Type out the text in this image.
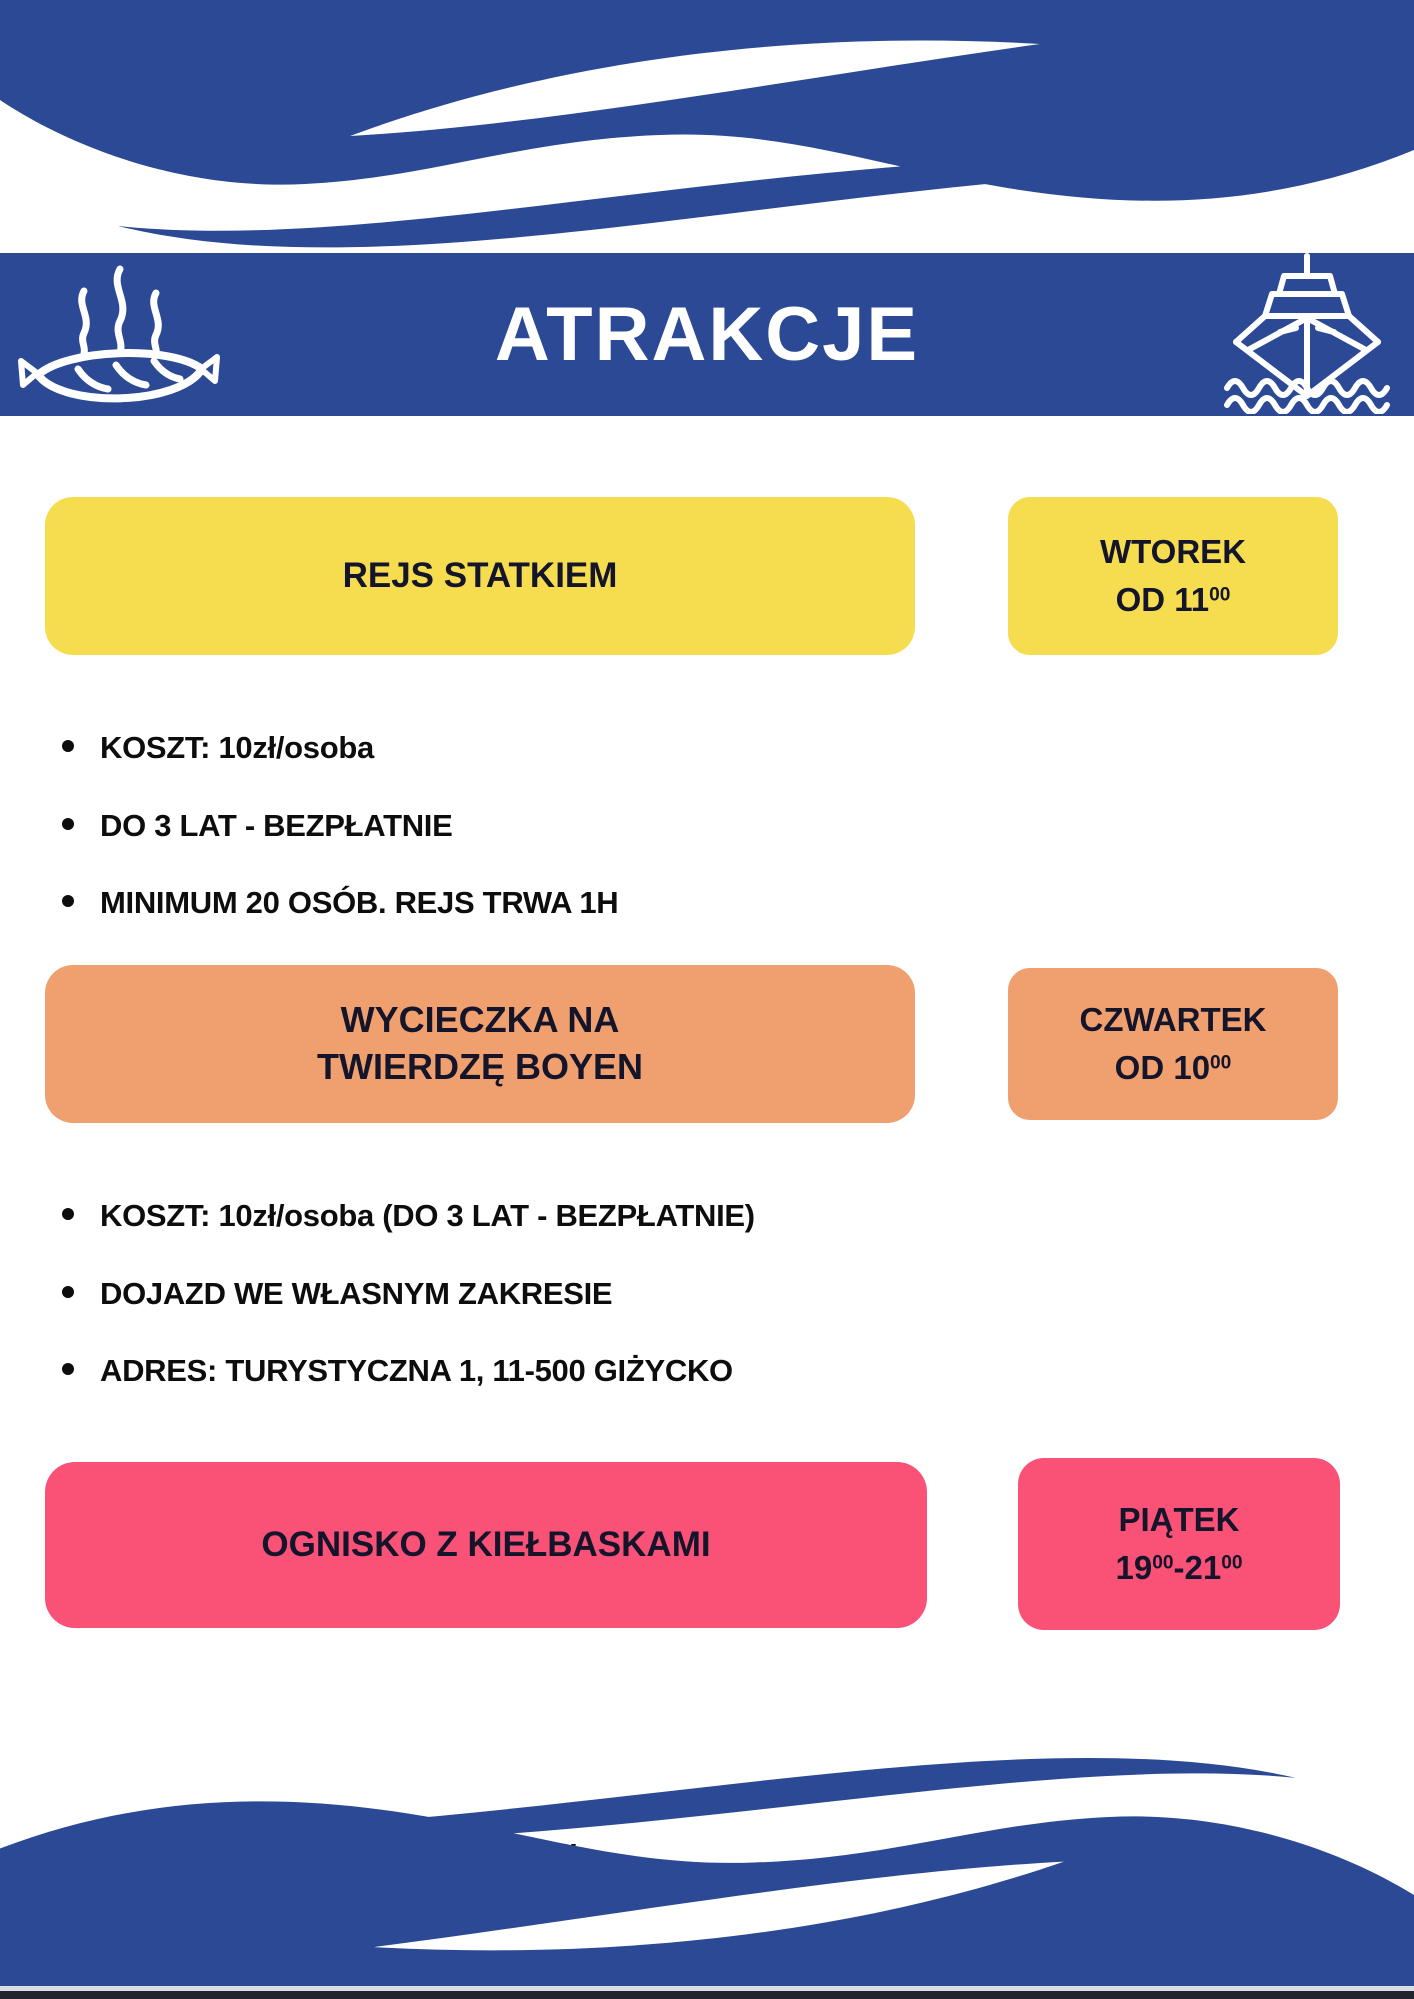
ATRAKCJE
REJS STATKIEM
WTOREK
OD $11^{00}$
KOSZT: 10zł/osoba
DO 3 LAT - BEZPŁATNIE
MINIMUM 20 OSÓB. REJS TRWA 1H
WYCIECZKA NA
TWIERDZĘ BOYEN
CZWARTEK
OD $10^{00}$
KOSZT: 10zł/osoba (DO 3 LAT - BEZPŁATNIE)
DOJAZD WE WŁASNYM ZAKRESIE
ADRES: TURYSTYCZNA 1, 11-500 GIŻYCKO
OGNISKO Z KIEŁBASKAMI
PIĄTEK
$19^{00}-21^{00}$
